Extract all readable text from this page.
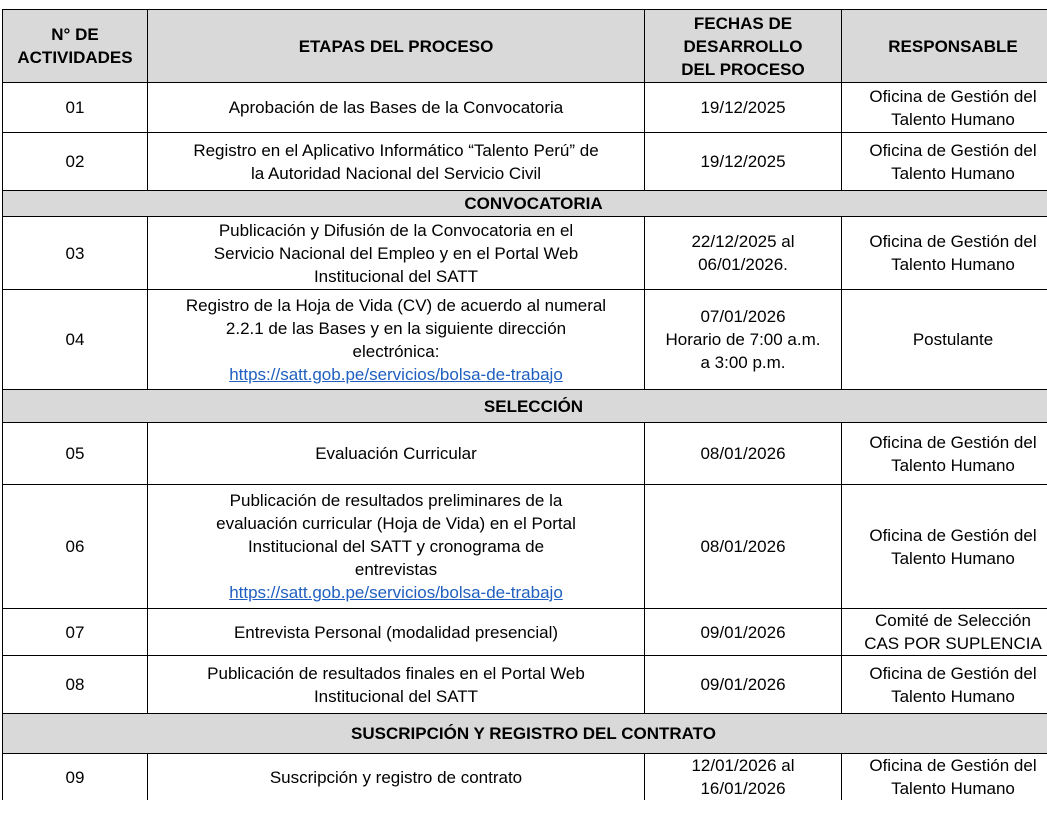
N° DE
ACTIVIDADES	ETAPAS DEL PROCESO	FECHAS DE
DESARROLLO
DEL PROCESO	RESPONSABLE

01	Aprobación de las Bases de la Convocatoria	19/12/2025	Oficina de Gestión del
Talento Humano

02	Registro en el Aplicativo Informático “Talento Perú” de
la Autoridad Nacional del Servicio Civil	19/12/2025	Oficina de Gestión del
Talento Humano

CONVOCATORIA			

03	Publicación y Difusión de la Convocatoria en el
Servicio Nacional del Empleo y en el Portal Web
Institucional del SATT	22/12/2025 al
06/01/2026.	Oficina de Gestión del
Talento Humano

04	Registro de la Hoja de Vida (CV) de acuerdo al numeral
2.2.1 de las Bases y en la siguiente dirección
electrónica:
https://satt.gob.pe/servicios/bolsa-de-trabajo	07/01/2026
Horario de 7:00 a.m.
a 3:00 p.m.	Postulante

SELECCIÓN			

05	Evaluación Curricular	08/01/2026	Oficina de Gestión del
Talento Humano

06	Publicación de resultados preliminares de la
evaluación curricular (Hoja de Vida) en el Portal
Institucional del SATT y cronograma de
entrevistas
https://satt.gob.pe/servicios/bolsa-de-trabajo	08/01/2026	Oficina de Gestión del
Talento Humano

07	Entrevista Personal (modalidad presencial)	09/01/2026	Comité de Selección
CAS POR SUPLENCIA

08	Publicación de resultados finales en el Portal Web
Institucional del SATT	09/01/2026	Oficina de Gestión del
Talento Humano

SUSCRIPCIÓN Y REGISTRO DEL CONTRATO			

09	Suscripción y registro de contrato	12/01/2026 al
16/01/2026	Oficina de Gestión del
Talento Humano
